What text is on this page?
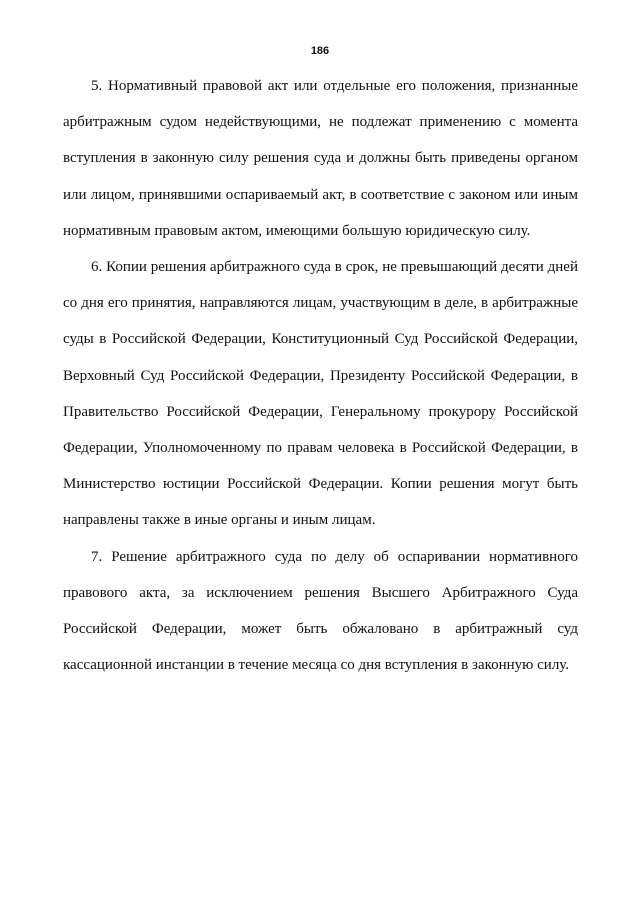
186

5. Нормативный правовой акт или отдельные его положения, признанные арбитражным судом недействующими, не подлежат применению с момента вступления в законную силу решения суда и должны быть приведены органом или лицом, принявшими оспариваемый акт, в соответствие с законом или иным нормативным правовым актом, имеющими большую юридическую силу.

6. Копии решения арбитражного суда в срок, не превышающий десяти дней со дня его принятия, направляются лицам, участвующим в деле, в арбитражные суды в Российской Федерации, Конституционный Суд Российской Федерации, Верховный Суд Российской Федерации, Президенту Российской Федерации, в Правительство Российской Федерации, Генеральному прокурору Российской Федерации, Уполномоченному по правам человека в Российской Федерации, в Министерство юстиции Российской Федерации. Копии решения могут быть направлены также в иные органы и иным лицам.

7. Решение арбитражного суда по делу об оспаривании нормативного правового акта, за исключением решения Высшего Арбитражного Суда Российской Федерации, может быть обжаловано в арбитражный суд кассационной инстанции в течение месяца со дня вступления в законную силу.
